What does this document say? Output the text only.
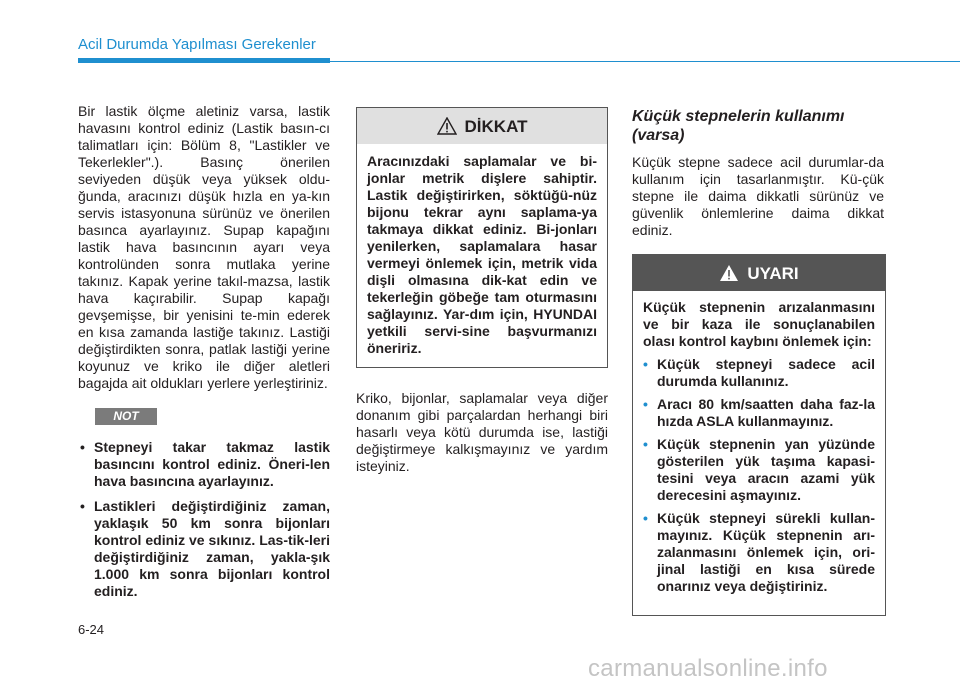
Acil Durumda Yapılması Gerekenler

Bir lastik ölçme aletiniz varsa, lastik havasını kontrol ediniz (Lastik basın-cı talimatları için: Bölüm 8, "Lastikler ve Tekerlekler".). Basınç önerilen seviyeden düşük veya yüksek oldu-ğunda, aracınızı düşük hızla en ya-kın servis istasyonuna sürünüz ve önerilen basınca ayarlayınız. Supap kapağını lastik hava basıncının ayarı veya kontrolünden sonra mutlaka yerine takınız. Kapak yerine takıl-mazsa, lastik hava kaçırabilir. Supap kapağı gevşemişse, bir yenisini te-min ederek en kısa zamanda lastiğe takınız. Lastiği değiştirdikten sonra, patlak lastiği yerine koyunuz ve kriko ile diğer aletleri bagajda ait oldukları yerlere yerleştiriniz.

NOT
• Stepneyi takar takmaz lastik basıncını kontrol ediniz. Öneri-len hava basıncına ayarlayınız.
• Lastikleri değiştirdiğiniz zaman, yaklaşık 50 km sonra bijonları kontrol ediniz ve sıkınız. Las-tik-leri değiştirdiğiniz zaman, yakla-şık 1.000 km sonra bijonları kontrol ediniz.
DİKKAT
Aracınızdaki saplamalar ve bi-jonlar metrik dişlere sahiptir. Lastik değiştirirken, söktüğü-nüz bijonu tekrar aynı saplama-ya takmaya dikkat ediniz. Bi-jonları yenilerken, saplamalara hasar vermeyi önlemek için, metrik vida dişli olmasına dik-kat edin ve tekerleğin göbeğe tam oturmasını sağlayınız. Yar-dım için, HYUNDAI yetkili servi-sine başvurmanızı öneririz.

Kriko, bijonlar, saplamalar veya diğer donanım gibi parçalardan herhangi biri hasarlı veya kötü durumda ise, lastiği değiştirmeye kalkışmayınız ve yardım isteyiniz.

Küçük stepnelerin kullanımı (varsa)

Küçük stepne sadece acil durumlar-da kullanım için tasarlanmıştır. Kü-çük stepne ile daima dikkatli sürünüz ve güvenlik önlemlerine daima dikkat ediniz.

UYARI
Küçük stepnenin arızalanmasını ve bir kaza ile sonuçlanabilen olası kontrol kaybını önlemek için:
• Küçük stepneyi sadece acil durumda kullanınız.
• Aracı 80 km/saatten daha faz-la hızda ASLA kullanmayınız.
• Küçük stepnenin yan yüzünde gösterilen yük taşıma kapasi-tesini veya aracın azami yük derecesini aşmayınız.
• Küçük stepneyi sürekli kullan-mayınız. Küçük stepnenin arı-zalanmasını önlemek için, ori-jinal lastiği en kısa sürede onarınız veya değiştiriniz.
6-24
carmanualsonline.info
